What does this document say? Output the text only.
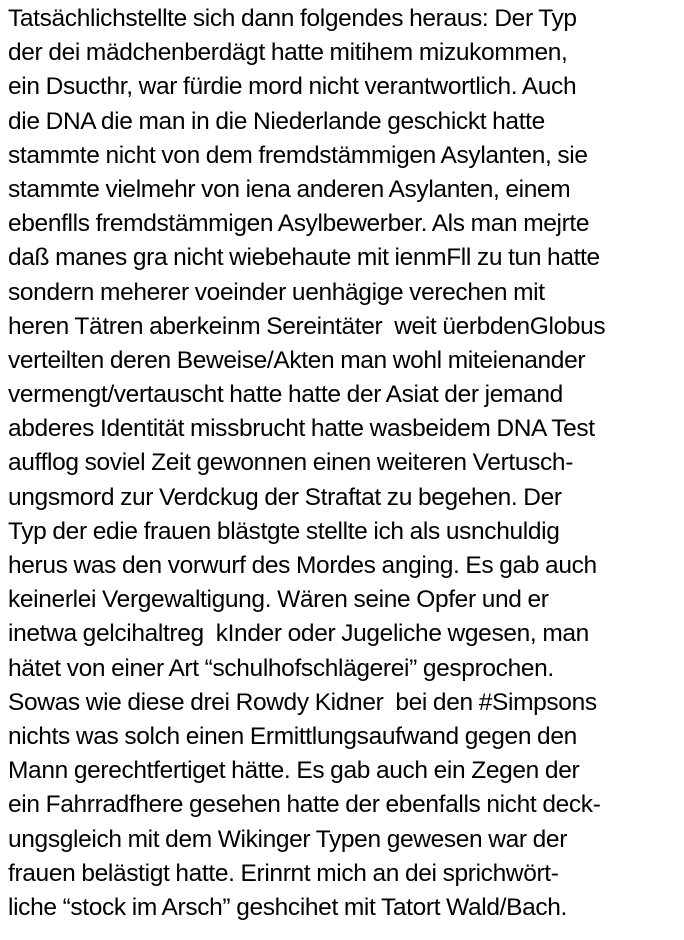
Tatsächlichstellte sich dann folgendes heraus: Der Typ
der dei mädchenberdägt hatte mitihem mizukommen,
ein Dsucthr, war fürdie mord nicht verantwortlich. Auch
die DNA die man in die Niederlande geschickt hatte
stammte nicht von dem fremdstämmigen Asylanten, sie
stammte vielmehr von iena anderen Asylanten, einem
ebenflls fremdstämmigen Asylbewerber. Als man mejrte
daß manes gra nicht wiebehaute mit ienmFll zu tun hatte
sondern meherer voeinder uenhägige verechen mit
heren Tätren aberkeinm Sereintäter  weit üerbdenGlobus
verteilten deren Beweise/Akten man wohl miteienander
vermengt/vertauscht hatte hatte der Asiat der jemand
abderes Identität missbrucht hatte wasbeidem DNA Test
aufflog soviel Zeit gewonnen einen weiteren Vertusch-
ungsmord zur Verdckug der Straftat zu begehen. Der
Typ der edie frauen blästgte stellte ich als usnchuldig
herus was den vorwurf des Mordes anging. Es gab auch
keinerlei Vergewaltigung. Wären seine Opfer und er
inetwa gelcihaltreg  kInder oder Jugeliche wgesen, man
hätet von einer Art “schulhofschlägerei” gesprochen.
Sowas wie diese drei Rowdy Kidner  bei den #Simpsons
nichts was solch einen Ermittlungsaufwand gegen den
Mann gerechtfertiget hätte. Es gab auch ein Zegen der
ein Fahrradfhere gesehen hatte der ebenfalls nicht deck-
ungsgleich mit dem Wikinger Typen gewesen war der
frauen belästigt hatte. Erinrnt mich an dei sprichwört-
liche “stock im Arsch” geshcihet mit Tatort Wald/Bach.
